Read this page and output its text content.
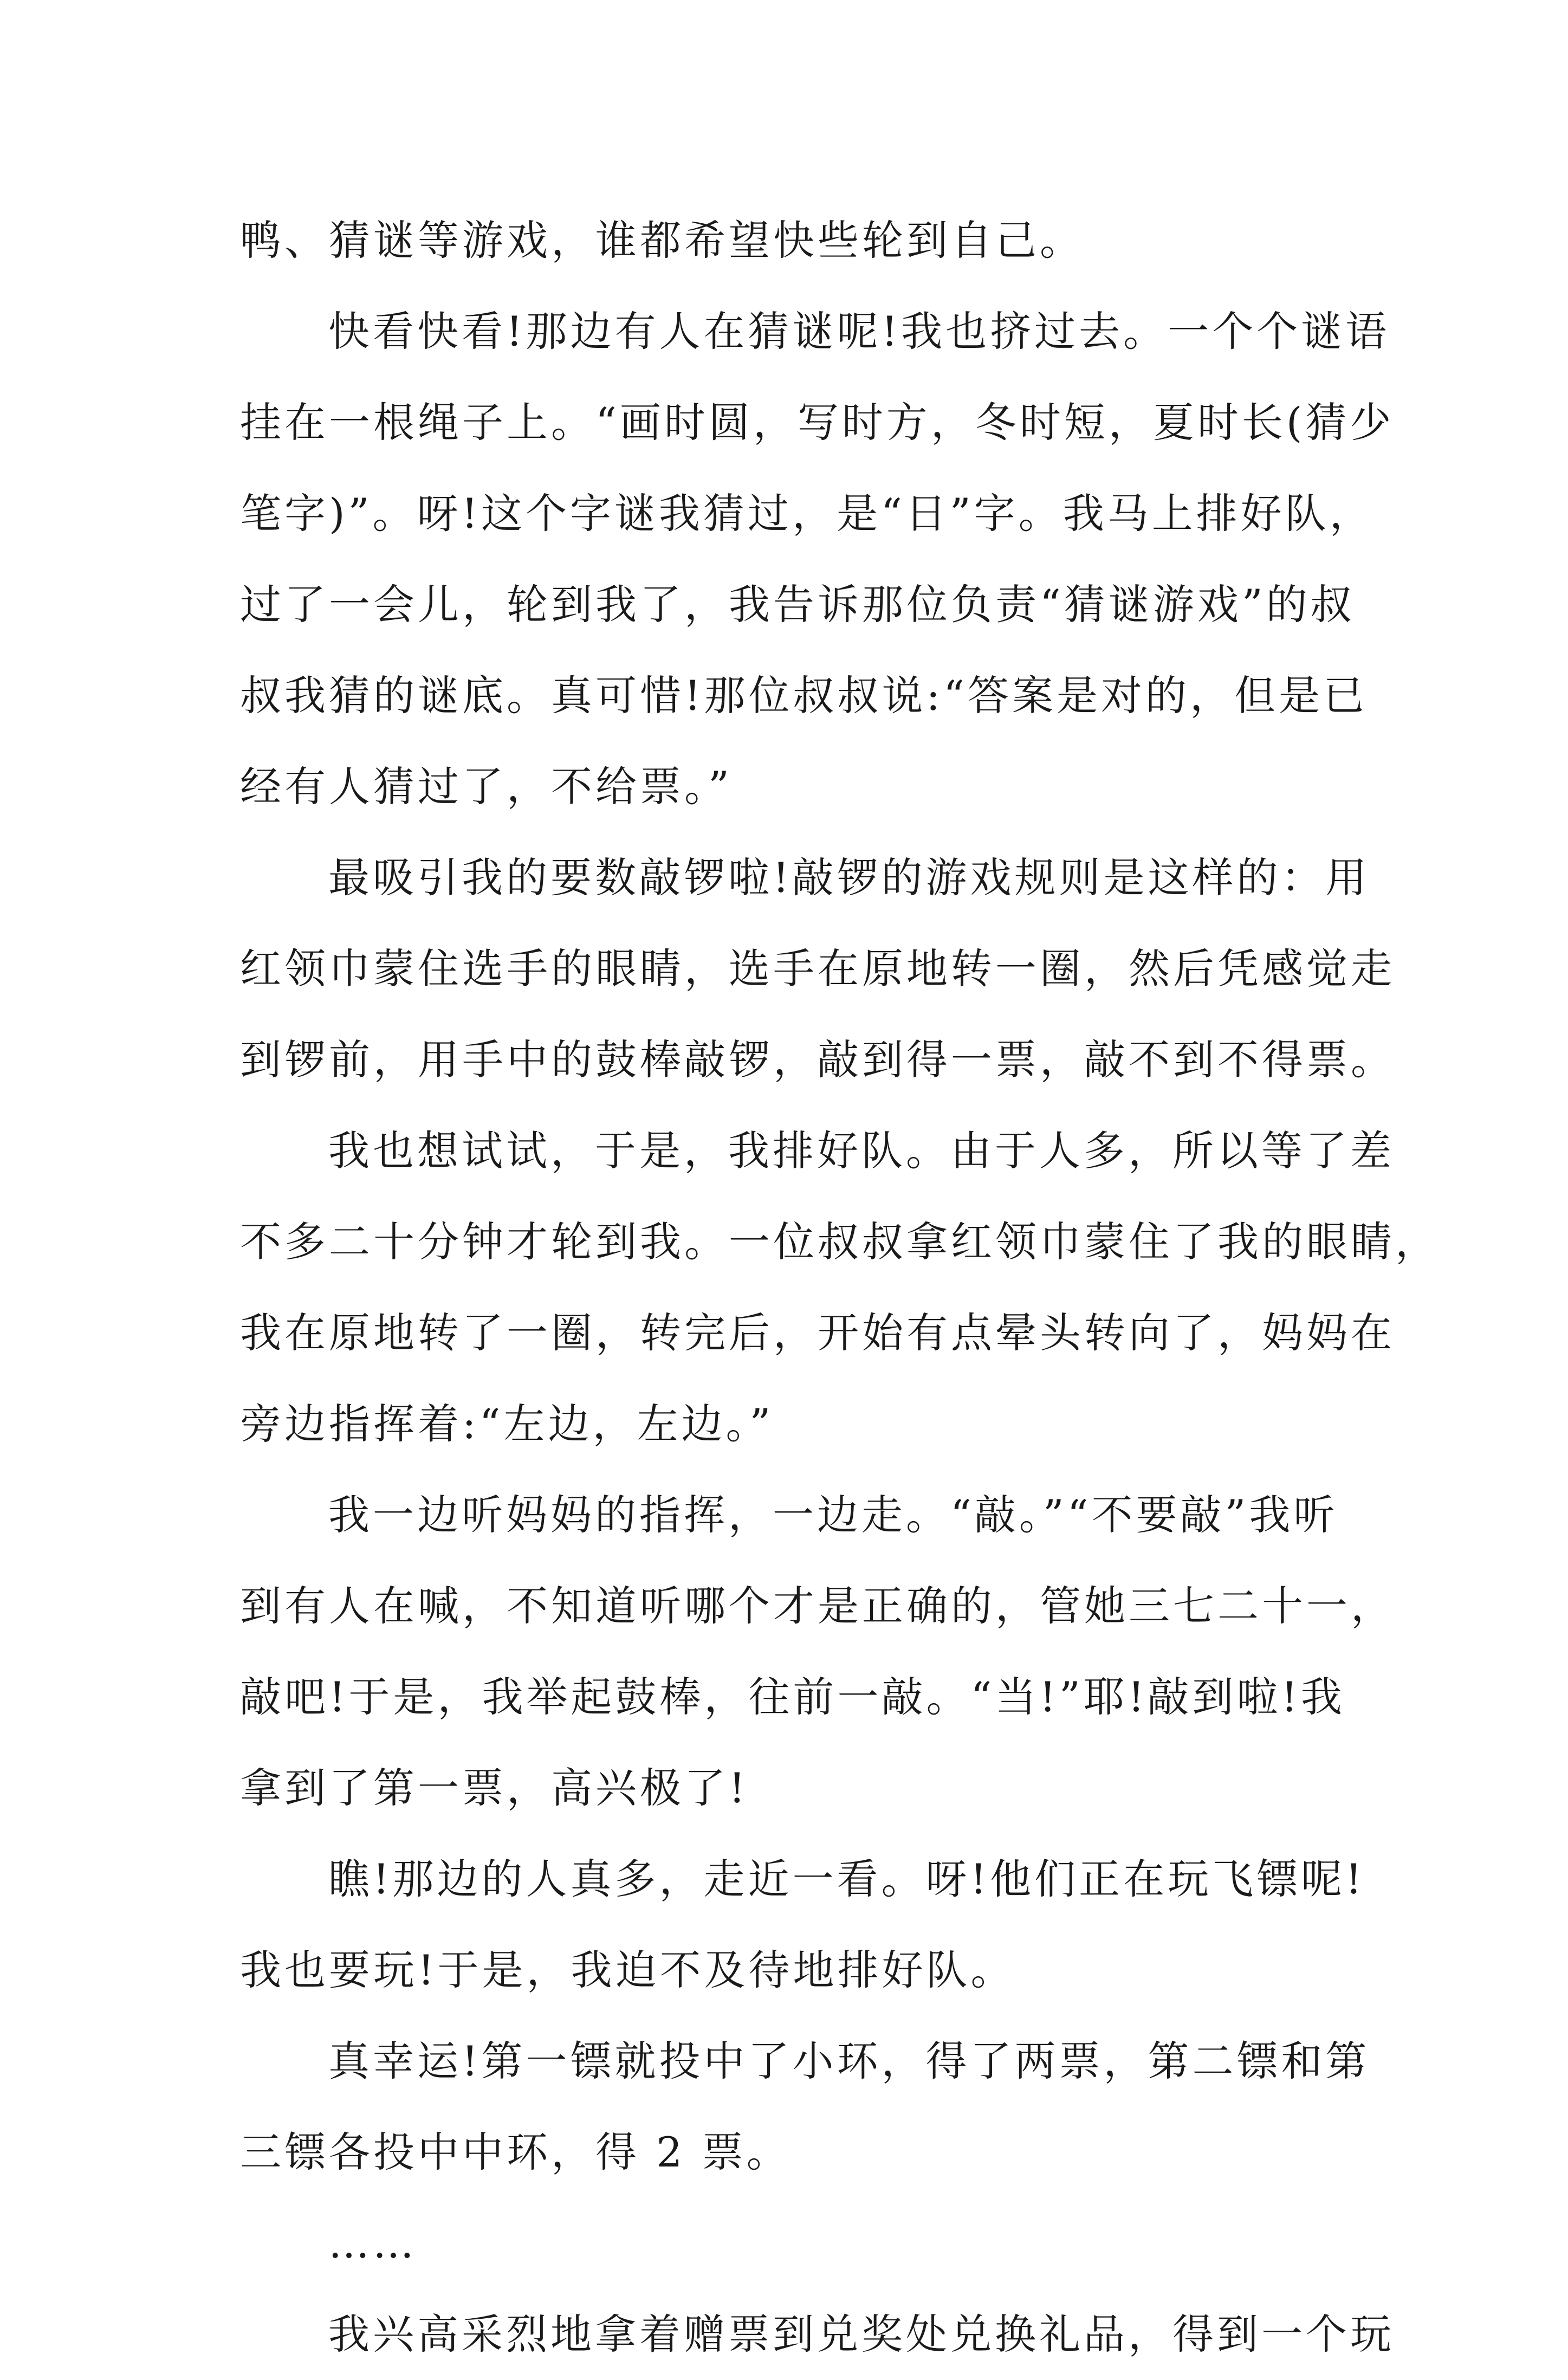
鸭、猜谜等游戏，谁都希望快些轮到自己。
快看快看!那边有人在猜谜呢!我也挤过去。一个个谜语
挂在一根绳子上。“画时圆，写时方，冬时短，夏时长(猜少
笔字)”。呀!这个字谜我猜过，是“日”字。我马上排好队，
过了一会儿，轮到我了，我告诉那位负责“猜谜游戏”的叔
叔我猜的谜底。真可惜!那位叔叔说:“答案是对的，但是已
经有人猜过了，不给票。”
最吸引我的要数敲锣啦!敲锣的游戏规则是这样的：用
红领巾蒙住选手的眼睛，选手在原地转一圈，然后凭感觉走
到锣前，用手中的鼓棒敲锣，敲到得一票，敲不到不得票。
我也想试试，于是，我排好队。由于人多，所以等了差
不多二十分钟才轮到我。一位叔叔拿红领巾蒙住了我的眼睛，
我在原地转了一圈，转完后，开始有点晕头转向了，妈妈在
旁边指挥着:“左边，左边。”
我一边听妈妈的指挥，一边走。“敲。”“不要敲”我听
到有人在喊，不知道听哪个才是正确的，管她三七二十一，
敲吧!于是，我举起鼓棒，往前一敲。“当!”耶!敲到啦!我
拿到了第一票，高兴极了!
瞧!那边的人真多，走近一看。呀!他们正在玩飞镖呢!
我也要玩!于是，我迫不及待地排好队。
真幸运!第一镖就投中了小环，得了两票，第二镖和第
三镖各投中中环，得 2 票。
……
我兴高采烈地拿着赠票到兑奖处兑换礼品，得到一个玩
